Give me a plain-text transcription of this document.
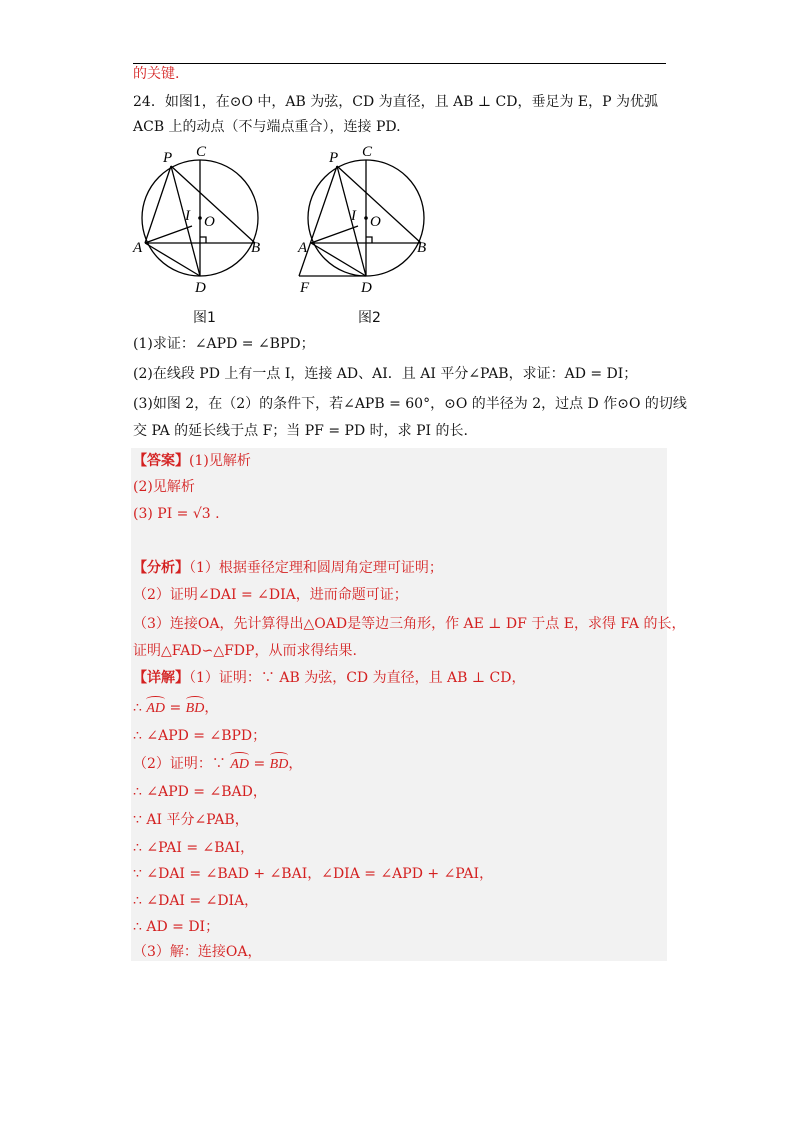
的关键.
24．如图1，在⊙O 中，AB 为弦，CD 为直径，且 AB ⊥ CD，垂足为 E，P 为优弧
ACB 上的动点（不与端点重合），连接 PD.
P C
I O
A	B
D
P C
I O
A	B
D
F
图1	图2
(1)求证：∠APD = ∠BPD；
(2)在线段 PD 上有一点 I，连接 AD、AI．且 AI 平分∠PAB，求证：AD = DI；
(3)如图 2，在（2）的条件下，若∠APB = 60°，⊙O 的半径为 2，过点 D 作⊙O 的切线
交 PA 的延长线于点 F；当 PF = PD 时，求 PI 的长.
【答案】(1)见解析
(2)见解析
(3) PI = √3 .
【分析】（1）根据垂径定理和圆周角定理可证明；
（2）证明∠DAI = ∠DIA，进而命题可证；
（3）连接OA，先计算得出△OAD是等边三角形，作 AE ⊥ DF 于点 E，求得 FA 的长，
证明△FAD∽△FDP，从而求得结果.
【详解】（1）证明：∵ AB 为弦，CD 为直径，且 AB ⊥ CD，
∴ AD = BD，
∴ ∠APD = ∠BPD；
（2）证明：∵ AD = BD，
∴ ∠APD = ∠BAD，
∵ AI 平分∠PAB，
∴ ∠PAI = ∠BAI，
∵ ∠DAI = ∠BAD + ∠BAI，∠DIA = ∠APD + ∠PAI，
∴ ∠DAI = ∠DIA，
∴ AD = DI；
（3）解：连接OA，
